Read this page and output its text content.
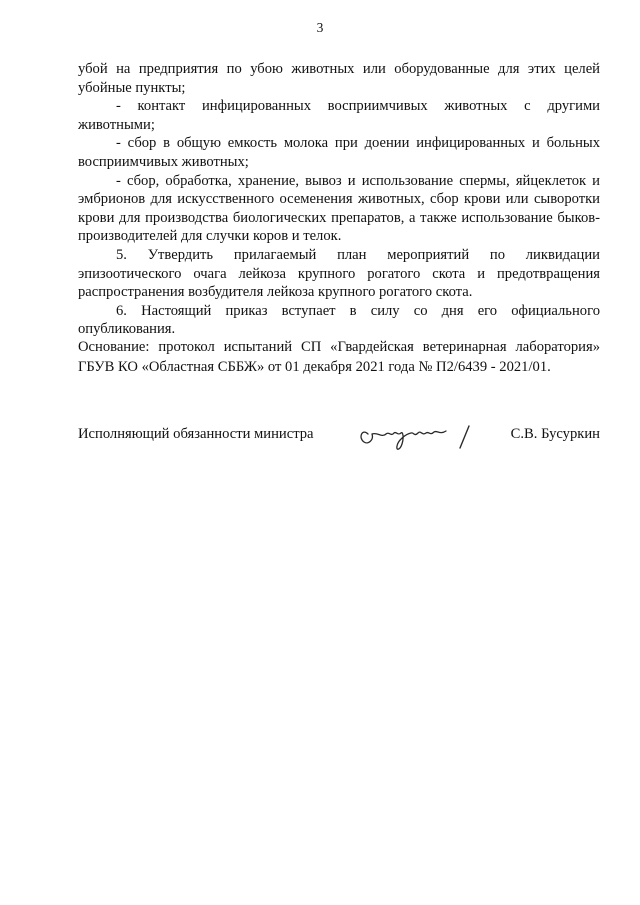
3

убой на предприятия по убою животных или оборудованные для этих целей убойные пункты;

- контакт инфицированных восприимчивых животных с другими животными;

- сбор в общую емкость молока при доении инфицированных и больных восприимчивых животных;

- сбор, обработка, хранение, вывоз и использование спермы, яйцеклеток и эмбрионов для искусственного осеменения животных, сбор крови или сыворотки крови для производства биологических препаратов, а также использование быков-производителей для случки коров и телок.

5. Утвердить прилагаемый план мероприятий по ликвидации эпизоотического очага лейкоза крупного рогатого скота и предотвращения распространения возбудителя лейкоза крупного рогатого скота.

6. Настоящий приказ вступает в силу со дня его официального опубликования.

Основание: протокол испытаний СП «Гвардейская ветеринарная лаборатория» ГБУВ КО «Областная СББЖ» от 01 декабря 2021 года № П2/6439 - 2021/01.

Исполняющий обязанности министра	С.В. Бусуркин
